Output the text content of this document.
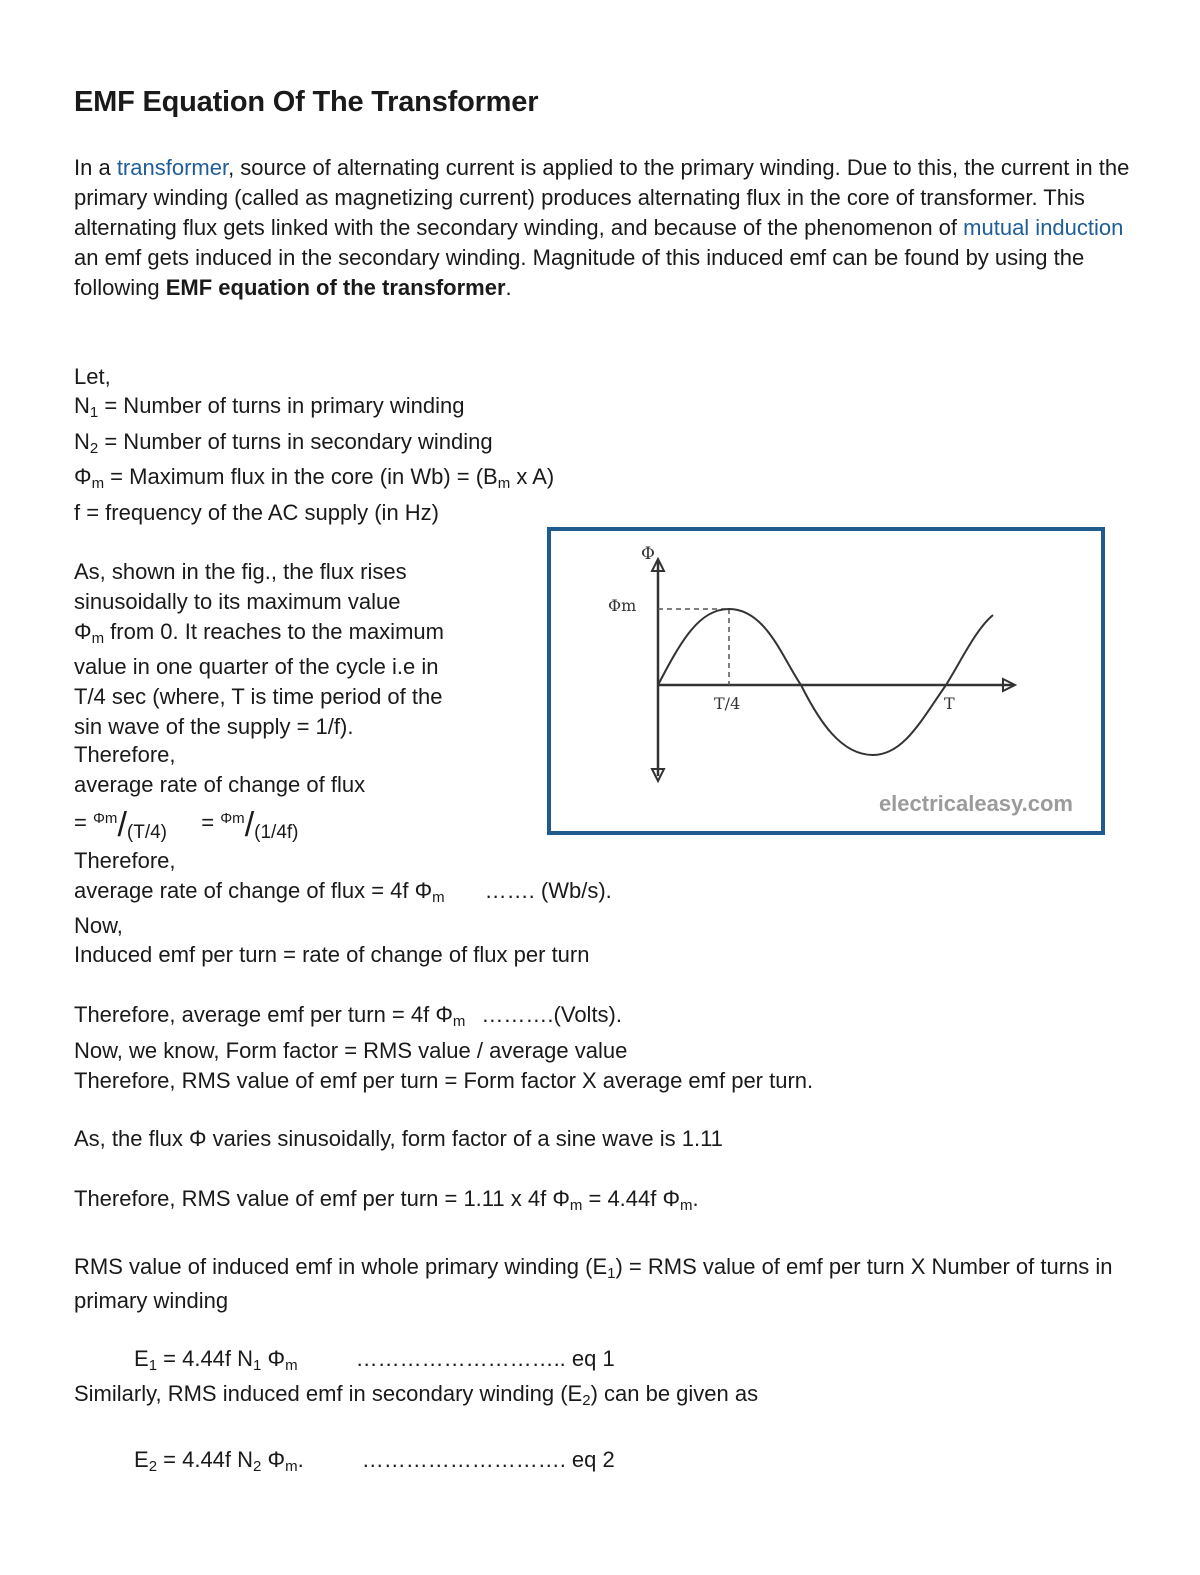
EMF Equation Of The Transformer

In a transformer, source of alternating current is applied to the primary winding. Due to this, the current in the primary winding (called as magnetizing current) produces alternating flux in the core of transformer. This alternating flux gets linked with the secondary winding, and because of the phenomenon of mutual induction an emf gets induced in the secondary winding. Magnitude of this induced emf can be found by using the following EMF equation of the transformer.

Let,
$N_1$ = Number of turns in primary winding
$N_2$ = Number of turns in secondary winding
$\Phi_m$ = Maximum flux in the core (in $Wb) = (B_m$ x A)
f = frequency of the AC supply (in Hz)
As, shown in the fig., the flux rises
sinusoidally to its maximum value
$\Phi_m$ from 0. It reaches to the maximum
value in one quarter of the cycle i.e in
T/4 sec (where, T is time period of the
sin wave of the supply = 1/f).
Therefore,
average rate of change of flux
= $^{\Phi m}$/(T/4) = $^{\Phi m}$/(1/4f)
Φ
Φm
T/4	T
electricaleasy.com
Therefore,
average rate of change of flux = 4f $\Phi_m$ ……. (Wb/s).
Now,
Induced emf per turn = rate of change of flux per turn
Therefore, average emf per turn = 4f $\Phi_m$ ……….(Volts).
Now, we know, Form factor = RMS value / average value
Therefore, RMS value of emf per turn = Form factor X average emf per turn.
As, the flux Φ varies sinusoidally, form factor of a sine wave is 1.11
Therefore, RMS value of emf per turn = 1.11 x 4f $\Phi_m = 4.44f$ $\Phi_m$.

RMS value of induced emf in whole primary winding $(E_1)$ = RMS value of emf per turn X Number of turns in primary winding

$E_1 = 4.44f$ $N_1$ $\Phi_m$	……………………….. eq 1
Similarly, RMS induced emf in secondary winding $(E_2)$ can be given as
$E_2 = 4.44f$ $N_2$ $\Phi_m$.	………………………. eq 2
